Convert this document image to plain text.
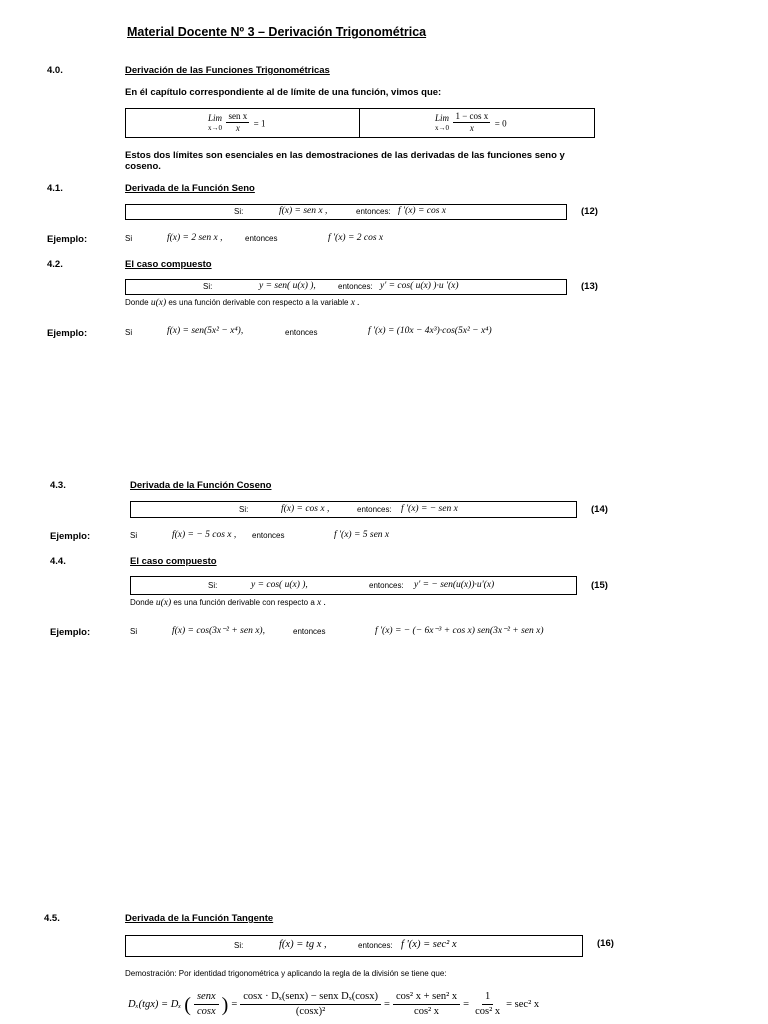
Material Docente Nº 3 – Derivación Trigonométrica
4.0.	Derivación de las Funciones Trigonométricas
En él capítulo correspondiente al de límite de una función, vimos que:
Lim
x→0
$\frac{\text{sen x}}{x} = 1$
Lim
x→0
$\frac{\text{1 − cos x}}{x} = 0$
Estos dos límites son esenciales en las demostraciones de las derivadas de las funciones seno y
coseno.
4.1.	Derivada de la Función Seno
Si:	f(x) = sen x ,	entonces: f '(x) = cos x	(12)
Ejemplo:	Si	f(x) = 2 sen x ,	entonces	f '(x) = 2 cos x
4.2.	El caso compuesto
Si:	y = sen( u(x) ),	entonces: y' = cos( u(x) )·u '(x)	(13)
Donde u(x) es una función derivable con respecto a la variable x .
Ejemplo:	Si	f(x) = sen(5x² − x⁴),	entonces	f '(x) = (10x − 4x³)·cos(5x² − x⁴)
4.3.	Derivada de la Función Coseno
Si:	f(x) = cos x ,	entonces: f '(x) = − sen x	(14)
Ejemplo:	Si	f(x) = − 5 cos x , entonces	f '(x) = 5 sen x
4.4.	El caso compuesto
Si:	y = cos( u(x) ),	entonces: y' = − sen(u(x))·u'(x)	(15)
Donde u(x) es una función derivable con respecto a x .
Ejemplo:	Si	f(x) = cos(3x⁻² + sen x),	entonces	f '(x) = − (− 6x⁻³ + cos x) sen(3x⁻² + sen x)
4.5.	Derivada de la Función Tangente
Si:	f(x) = tg x ,	entonces: f '(x) = sec² x	(16)
Demostración: Por identidad trigonométrica y aplicando la regla de la división se tiene que:
Dₓ(tgx) = Dₓ ( senx
cosx ) =
cosx · Dₓ(senx) − senx Dₓ(cosx)
(cosx)²
=
cos² x + sen² x
cos² x
= $\frac{1}{\text{cos² x}} = \sec^2$ x
